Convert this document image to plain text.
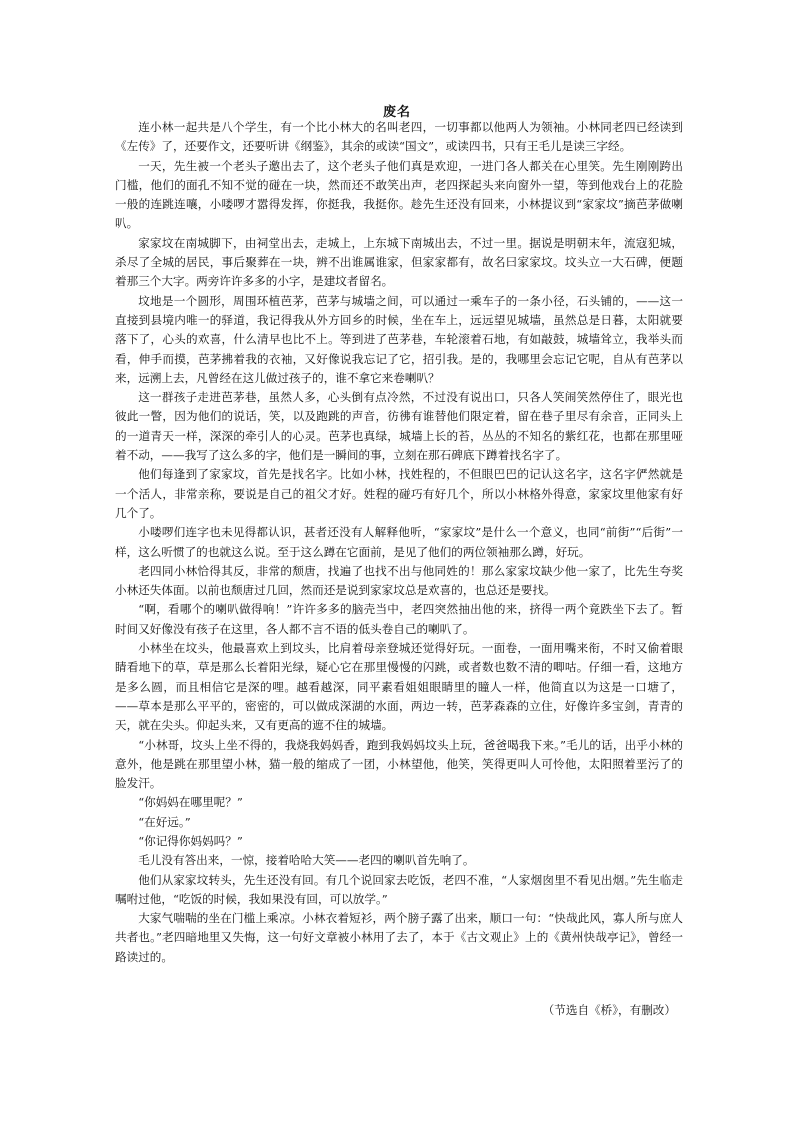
废名

连小林一起共是八个学生，有一个比小林大的名叫老四，一切事都以他两人为领袖。小林同老四已经读到《左传》了，还要作文，还要听讲《纲鉴》，其余的或读“国文”，或读四书，只有王毛儿是读三字经。

一天，先生被一个老头子邀出去了，这个老头子他们真是欢迎，一进门各人都关在心里笑。先生刚刚跨出门槛，他们的面孔不知不觉的碰在一块，然而还不敢笑出声，老四探起头来向窗外一望，等到他戏台上的花脸一般的连跳连嚷，小喽啰才嚣得发挥，你挺我，我挺你。趁先生还没有回来，小林提议到“家家坟”摘芭茅做喇叭。

家家坟在南城脚下，由祠堂出去，走城上，上东城下南城出去，不过一里。据说是明朝末年，流寇犯城，杀尽了全城的居民，事后聚葬在一块，辨不出谁属谁家，但家家都有，故名曰家家坟。坟头立一大石碑，便题着那三个大字。两旁许许多多的小字，是建坟者留名。

坟地是一个圆形，周围环植芭茅，芭茅与城墙之间，可以通过一乘车子的一条小径，石头铺的，——这一直接到县境内唯一的驿道，我记得我从外方回乡的时候，坐在车上，远远望见城墙，虽然总是日暮，太阳就要落下了，心头的欢喜，什么清早也比不上。等到进了芭茅巷，车轮滚着石地，有如敲鼓，城墙耸立，我举头而看，伸手而摸，芭茅拂着我的衣袖，又好像说我忘记了它，招引我。是的，我哪里会忘记它呢，自从有芭茅以来，远溯上去，凡曾经在这儿做过孩子的，谁不拿它来卷喇叭？

这一群孩子走进芭茅巷，虽然人多，心头倒有点冷然，不过没有说出口，只各人笑闹笑然停住了，眼光也彼此一瞥，因为他们的说话，笑，以及跑跳的声音，彷彿有谁替他们限定着，留在巷子里尽有余音，正同头上的一道青天一样，深深的牵引人的心灵。芭茅也真绿，城墙上长的苔，丛丛的不知名的紫红花，也都在那里哑着不动，——我写了这么多的字，他们是一瞬间的事，立刻在那石碑底下蹲着找名字了。

他们每逢到了家家坟，首先是找名字。比如小林，找姓程的，不但眼巴巴的记认这名字，这名字俨然就是一个活人，非常亲称，要说是自己的祖父才好。姓程的碰巧有好几个，所以小林格外得意，家家坟里他家有好几个了。

小喽啰们连字也未见得都认识，甚者还没有人解释他听，“家家坟”是什么一个意义，也同“前街”“后街”一样，这么听惯了的也就这么说。至于这么蹲在它面前，是见了他们的两位领袖那么蹲，好玩。

老四同小林恰得其反，非常的颓唐，找遍了也找不出与他同姓的！那么家家坟缺少他一家了，比先生夸奖小林还失体面。以前也颓唐过几回，然而还是说到家家坟总是欢喜的，也总还是要找。

“啊，看哪个的喇叭做得响！”许许多多的脑壳当中，老四突然抽出他的来，挤得一两个竟跌坐下去了。暂时间又好像没有孩子在这里，各人都不言不语的低头卷自己的喇叭了。

小林坐在坟头，他最喜欢上到坟头，比肩着母亲登城还觉得好玩。一面卷，一面用嘴来衔，不时又偷着眼睛看地下的草，草是那么长着阳光绿，疑心它在那里慢慢的闪跳，或者数也数不清的唧咕。仔细一看，这地方是多么圆，而且相信它是深的哩。越看越深，同平素看姐姐眼睛里的瞳人一样，他简直以为这是一口塘了，——草本是那么平平的，密密的，可以做成深湖的水面，两边一转，芭茅森森的立住，好像许多宝剑，青青的天，就在尖头。仰起头来，又有更高的遮不住的城墙。

“小林哥，坟头上坐不得的，我烧我妈妈香，跑到我妈妈坟头上玩，爸爸喝我下来。”毛儿的话，出乎小林的意外，他是跳在那里望小林，猫一般的缩成了一团，小林望他，他笑，笑得更叫人可怜他，太阳照着垩污了的脸发汗。

“你妈妈在哪里呢？”

“在好远。”

“你记得你妈妈吗？”

毛儿没有答出来，一惊，接着哈哈大笑——老四的喇叭首先响了。

他们从家家坟转头，先生还没有回。有几个说回家去吃饭，老四不准，“人家烟囱里不看见出烟。”先生临走嘱咐过他，“吃饭的时候，我如果没有回，可以放学。”

大家气喘喘的坐在门槛上乘凉。小林衣着短衫，两个膀子露了出来，顺口一句：“快哉此风，寡人所与庶人共者也。”老四暗地里又失悔，这一句好文章被小林用了去了，本于《古文观止》上的《黄州快哉亭记》，曾经一路读过的。

（节选自《桥》，有删改）
